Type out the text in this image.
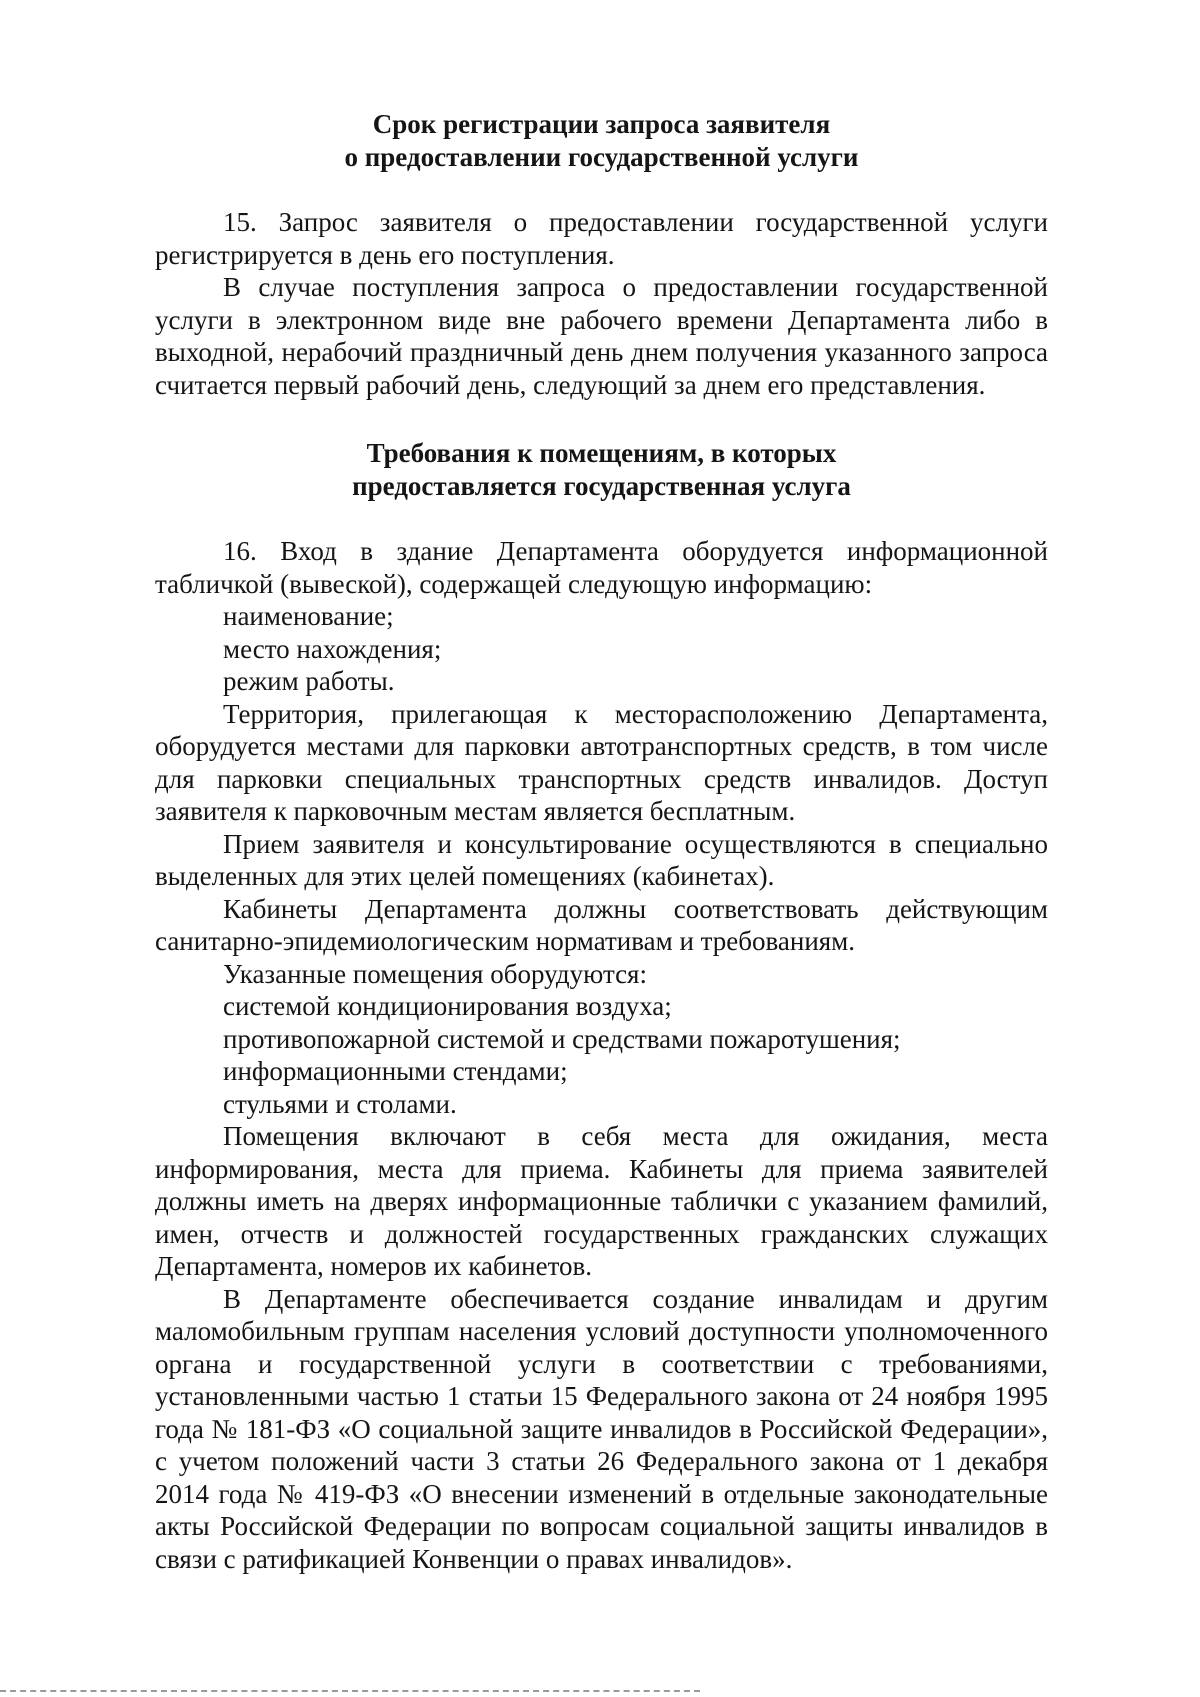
Срок регистрации запроса заявителя
о предоставлении государственной услуги

15. Запрос заявителя о предоставлении государственной услуги регистрируется в день его поступления.

В случае поступления запроса о предоставлении государственной услуги в электронном виде вне рабочего времени Департамента либо в выходной, нерабочий праздничный день днем получения указанного запроса считается первый рабочий день, следующий за днем его представления.

Требования к помещениям, в которых
предоставляется государственная услуга

16. Вход в здание Департамента оборудуется информационной табличкой (вывеской), содержащей следующую информацию:

наименование;

место нахождения;

режим работы.

Территория, прилегающая к месторасположению Департамента, оборудуется местами для парковки автотранспортных средств, в том числе для парковки специальных транспортных средств инвалидов. Доступ заявителя к парковочным местам является бесплатным.

Прием заявителя и консультирование осуществляются в специально выделенных для этих целей помещениях (кабинетах).

Кабинеты Департамента должны соответствовать действующим санитарно-эпидемиологическим нормативам и требованиям.

Указанные помещения оборудуются:

системой кондиционирования воздуха;

противопожарной системой и средствами пожаротушения;

информационными стендами;

стульями и столами.

Помещения включают в себя места для ожидания, места информирования, места для приема. Кабинеты для приема заявителей должны иметь на дверях информационные таблички с указанием фамилий, имен, отчеств и должностей государственных гражданских служащих Департамента, номеров их кабинетов.

В Департаменте обеспечивается создание инвалидам и другим маломобильным группам населения условий доступности уполномоченного органа и государственной услуги в соответствии с требованиями, установленными частью 1 статьи 15 Федерального закона от 24 ноября 1995 года № 181-ФЗ «О социальной защите инвалидов в Российской Федерации», с учетом положений части 3 статьи 26 Федерального закона от 1 декабря 2014 года № 419-ФЗ «О внесении изменений в отдельные законодательные акты Российской Федерации по вопросам социальной защиты инвалидов в связи с ратификацией Конвенции о правах инвалидов».
